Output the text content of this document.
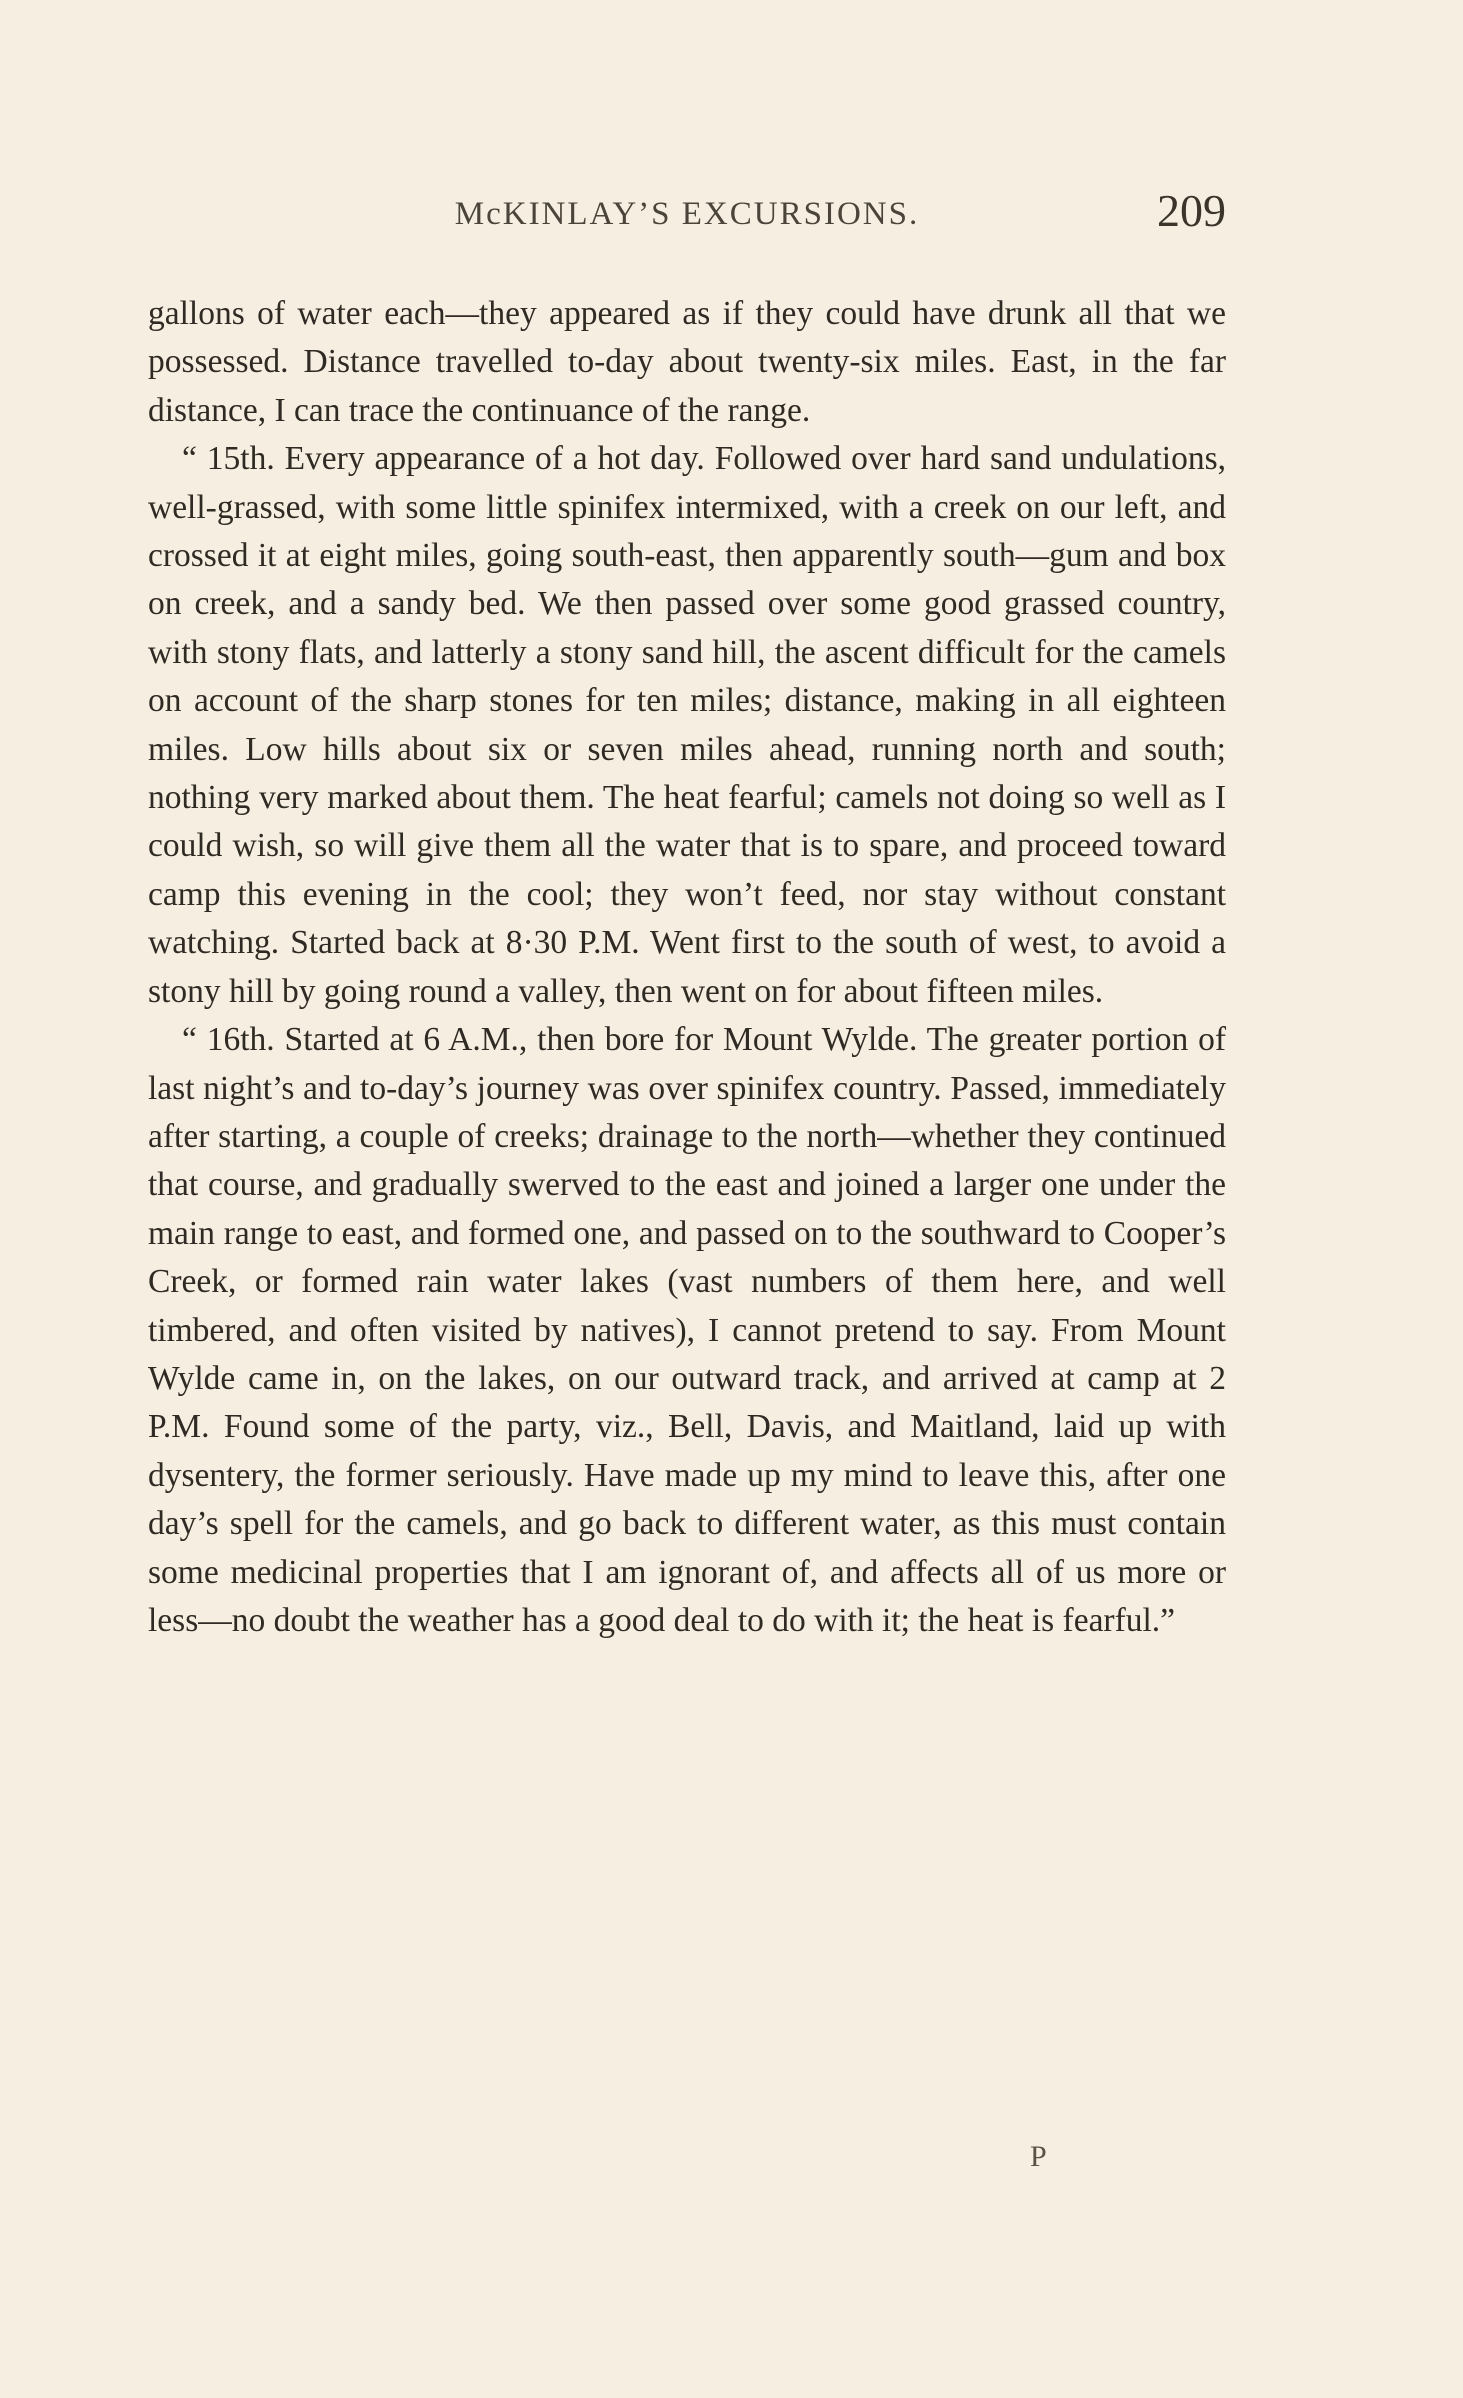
McKINLAY’S EXCURSIONS.	209

gallons of water each—they appeared as if they could have drunk all that we possessed. Distance travelled to-day about twenty-six miles. East, in the far distance, I can trace the continuance of the range.

“ 15th. Every appearance of a hot day. Followed over hard sand undulations, well-grassed, with some little spinifex intermixed, with a creek on our left, and crossed it at eight miles, going south-east, then apparently south—gum and box on creek, and a sandy bed. We then passed over some good grassed country, with stony flats, and latterly a stony sand hill, the ascent difficult for the camels on account of the sharp stones for ten miles; distance, making in all eighteen miles. Low hills about six or seven miles ahead, running north and south; nothing very marked about them. The heat fearful; camels not doing so well as I could wish, so will give them all the water that is to spare, and proceed toward camp this evening in the cool; they won’t feed, nor stay without constant watching. Started back at 8·30 P.M. Went first to the south of west, to avoid a stony hill by going round a valley, then went on for about fifteen miles.

“ 16th. Started at 6 A.M., then bore for Mount Wylde. The greater portion of last night’s and to-day’s journey was over spinifex country. Passed, immediately after starting, a couple of creeks; drainage to the north—whether they continued that course, and gradually swerved to the east and joined a larger one under the main range to east, and formed one, and passed on to the southward to Cooper’s Creek, or formed rain water lakes (vast numbers of them here, and well timbered, and often visited by natives), I cannot pretend to say. From Mount Wylde came in, on the lakes, on our outward track, and arrived at camp at 2 P.M. Found some of the party, viz., Bell, Davis, and Maitland, laid up with dysentery, the former seriously. Have made up my mind to leave this, after one day’s spell for the camels, and go back to different water, as this must contain some medicinal properties that I am ignorant of, and affects all of us more or less—no doubt the weather has a good deal to do with it; the heat is fearful.”

P
